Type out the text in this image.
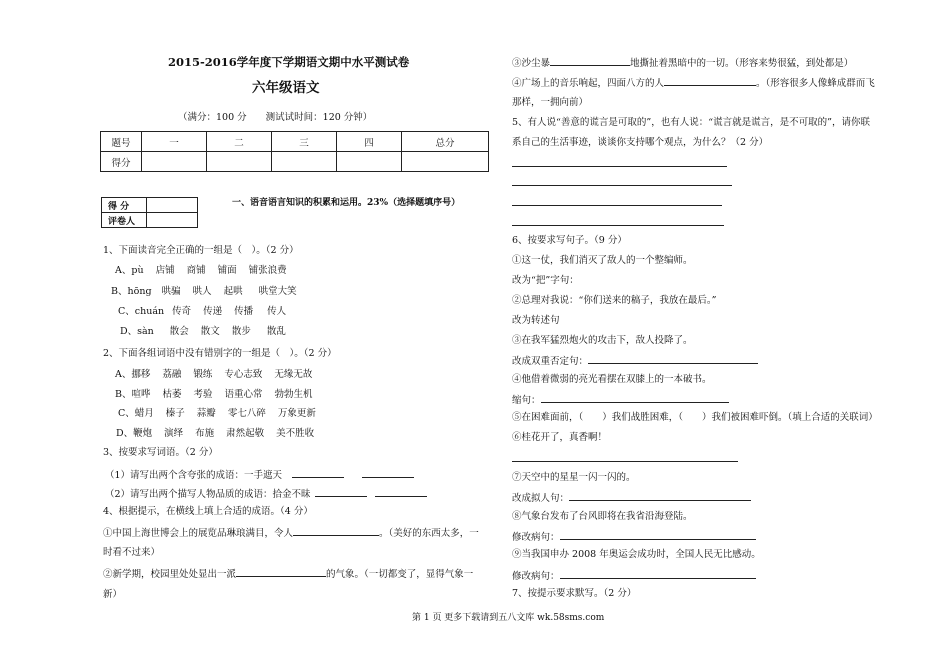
2015-2016学年度下学期语文期中水平测试卷
六年级语文
（满分：100 分　　测试试时间：120 分钟）
题号	一	二	三	四	总分
得分					
得 分	
评卷人	
一、语音语言知识的积累和运用。23%（选择题填序号）
1、下面读音完全正确的一组是（　）。（2 分）
A、pù 店铺 商铺 铺面 铺张浪费
B、hōng 哄骗 哄人 起哄 哄堂大笑
C、chuán 传奇 传递 传播 传人
D、sàn 散会 散文 散步 散乱
2、下面各组词语中没有错别字的一组是（　）。（2 分）
A、挪移 荔融 锻练 专心志致 无缘无故
B、喧哗 枯萎 考验 语重心常 勃勃生机
C、蜡月 榛子 蒜瓣 零七八碎 万象更新
D、鞭炮 演绎 布施 肃然起敬 美不胜收
3、按要求写词语。（2 分）
（1）请写出两个含夸张的成语：一手遮天
（2）请写出两个描写人物品质的成语：拾金不昧
4、根据提示，在横线上填上合适的成语。（4 分）
①中国上海世博会上的展览品琳琅满目，令人	。（美好的东西太多，一
时看不过来）
②新学期，校园里处处显出一派	的气象。（一切都变了，显得气象一
新）
③沙尘暴	地撕扯着黑暗中的一切。（形容来势很猛，到处都是）
④广场上的音乐响起，四面八方的人	。（形容很多人像蜂成群而飞
那样，一拥向前）
5、有人说“善意的谎言是可取的”，也有人说：“谎言就是谎言，是不可取的”，请你联
系自己的生活事迹，谈谈你支持哪个观点，为什么？（2 分）
6、按要求写句子。（9 分）
①这一仗，我们消灭了敌人的一个整编师。
改为“把”字句：
②总理对我说：“你们送来的稿子，我放在最后。”
改为转述句
③在我军猛烈炮火的攻击下，敌人投降了。
改成双重否定句：
④他借着微弱的亮光看摆在双膝上的一本破书。
缩句：
⑤在困难面前，（　　）我们战胜困难，（　　）我们被困难吓倒。（填上合适的关联词）
⑥桂花开了，真香啊！
⑦天空中的星星一闪一闪的。
改成拟人句：
⑧气象台发布了台风即将在我省沿海登陆。
修改病句：
⑨当我国申办 2008 年奥运会成功时，全国人民无比感动。
修改病句：
7、按提示要求默写。（2 分）
第 1 页 更多下载请到五八文库 wk.58sms.com
